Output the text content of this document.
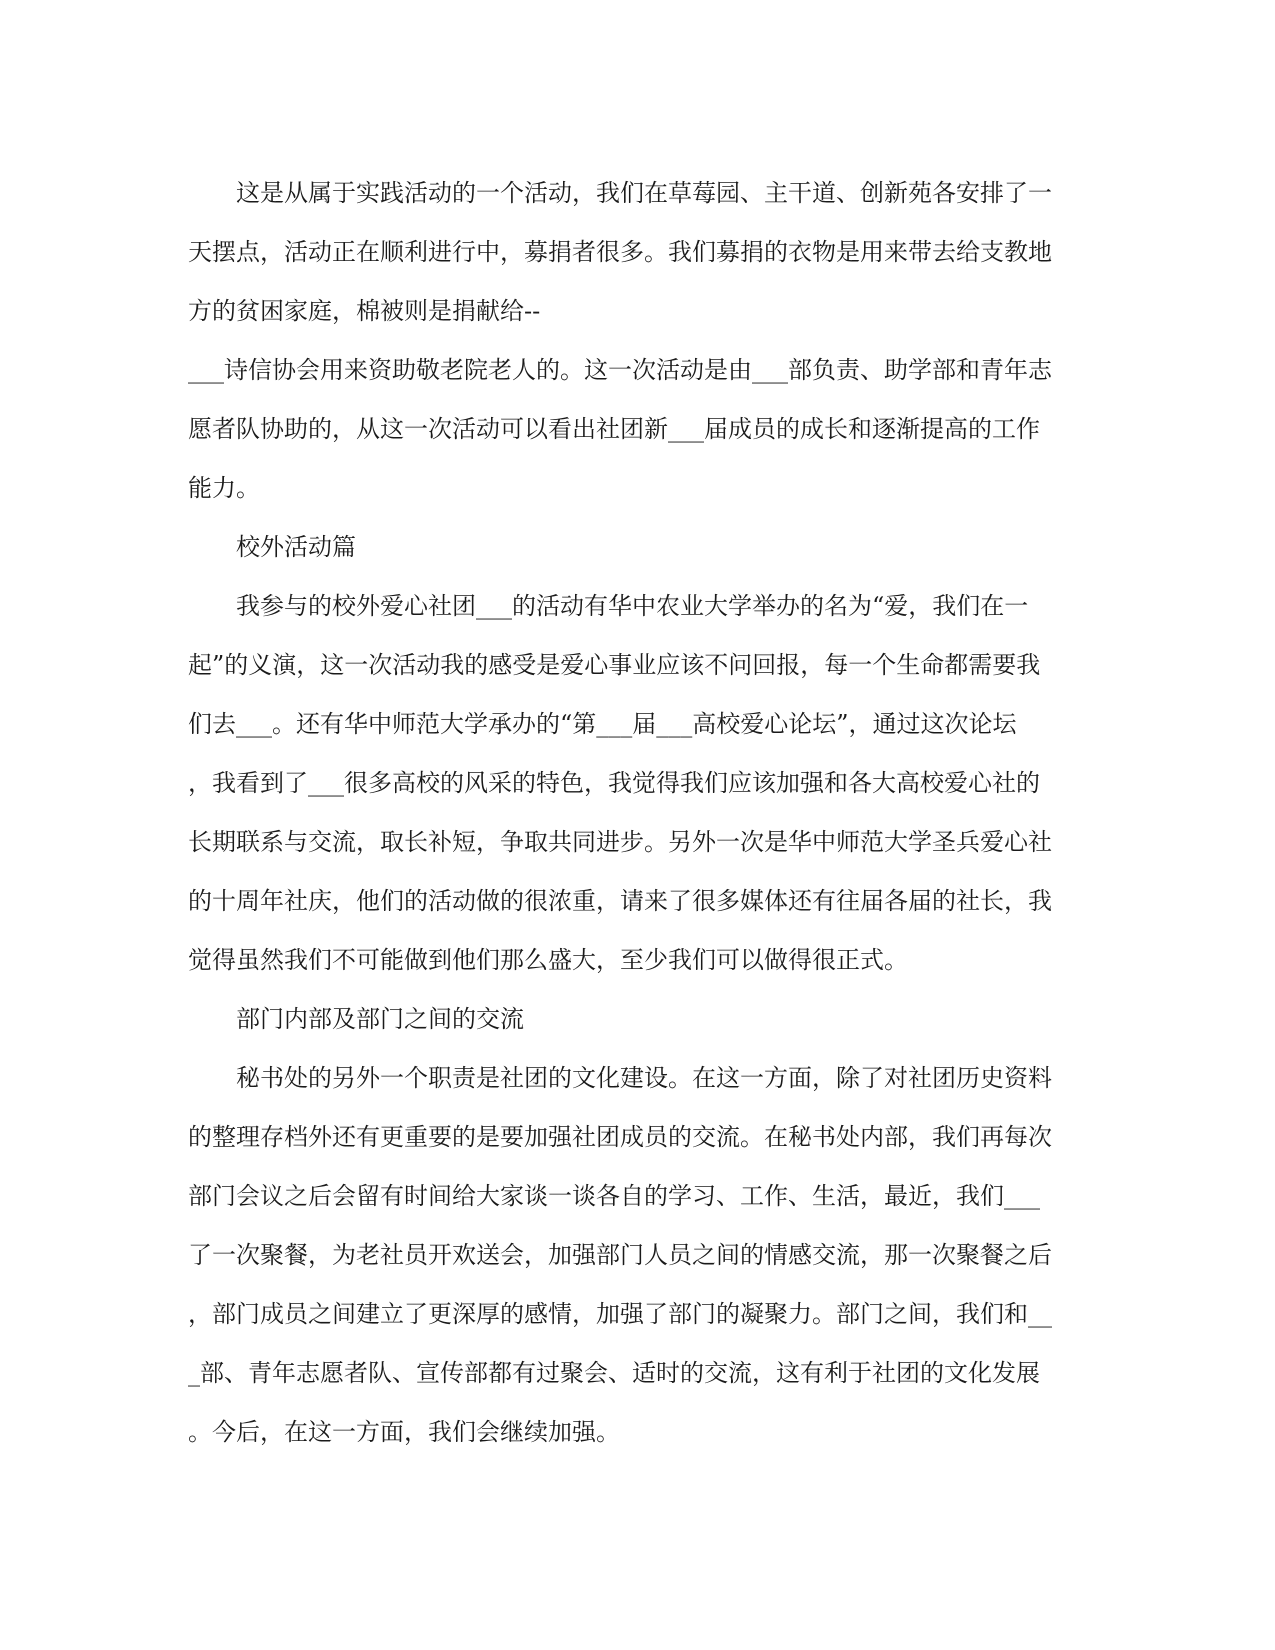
这是从属于实践活动的一个活动，我们在草莓园、主干道、创新苑各安排了一
天摆点，活动正在顺利进行中，募捐者很多。我们募捐的衣物是用来带去给支教地
方的贫困家庭，棉被则是捐献给--
___诗信协会用来资助敬老院老人的。这一次活动是由___部负责、助学部和青年志
愿者队协助的，从这一次活动可以看出社团新___届成员的成长和逐渐提高的工作
能力。
校外活动篇
我参与的校外爱心社团___的活动有华中农业大学举办的名为“爱，我们在一
起”的义演，这一次活动我的感受是爱心事业应该不问回报，每一个生命都需要我
们去___。还有华中师范大学承办的“第___届___高校爱心论坛”，通过这次论坛
，我看到了___很多高校的风采的特色，我觉得我们应该加强和各大高校爱心社的
长期联系与交流，取长补短，争取共同进步。另外一次是华中师范大学圣兵爱心社
的十周年社庆，他们的活动做的很浓重，请来了很多媒体还有往届各届的社长，我
觉得虽然我们不可能做到他们那么盛大，至少我们可以做得很正式。
部门内部及部门之间的交流
秘书处的另外一个职责是社团的文化建设。在这一方面，除了对社团历史资料
的整理存档外还有更重要的是要加强社团成员的交流。在秘书处内部，我们再每次
部门会议之后会留有时间给大家谈一谈各自的学习、工作、生活，最近，我们___
了一次聚餐，为老社员开欢送会，加强部门人员之间的情感交流，那一次聚餐之后
，部门成员之间建立了更深厚的感情，加强了部门的凝聚力。部门之间，我们和__
_部、青年志愿者队、宣传部都有过聚会、适时的交流，这有利于社团的文化发展
。今后，在这一方面，我们会继续加强。
